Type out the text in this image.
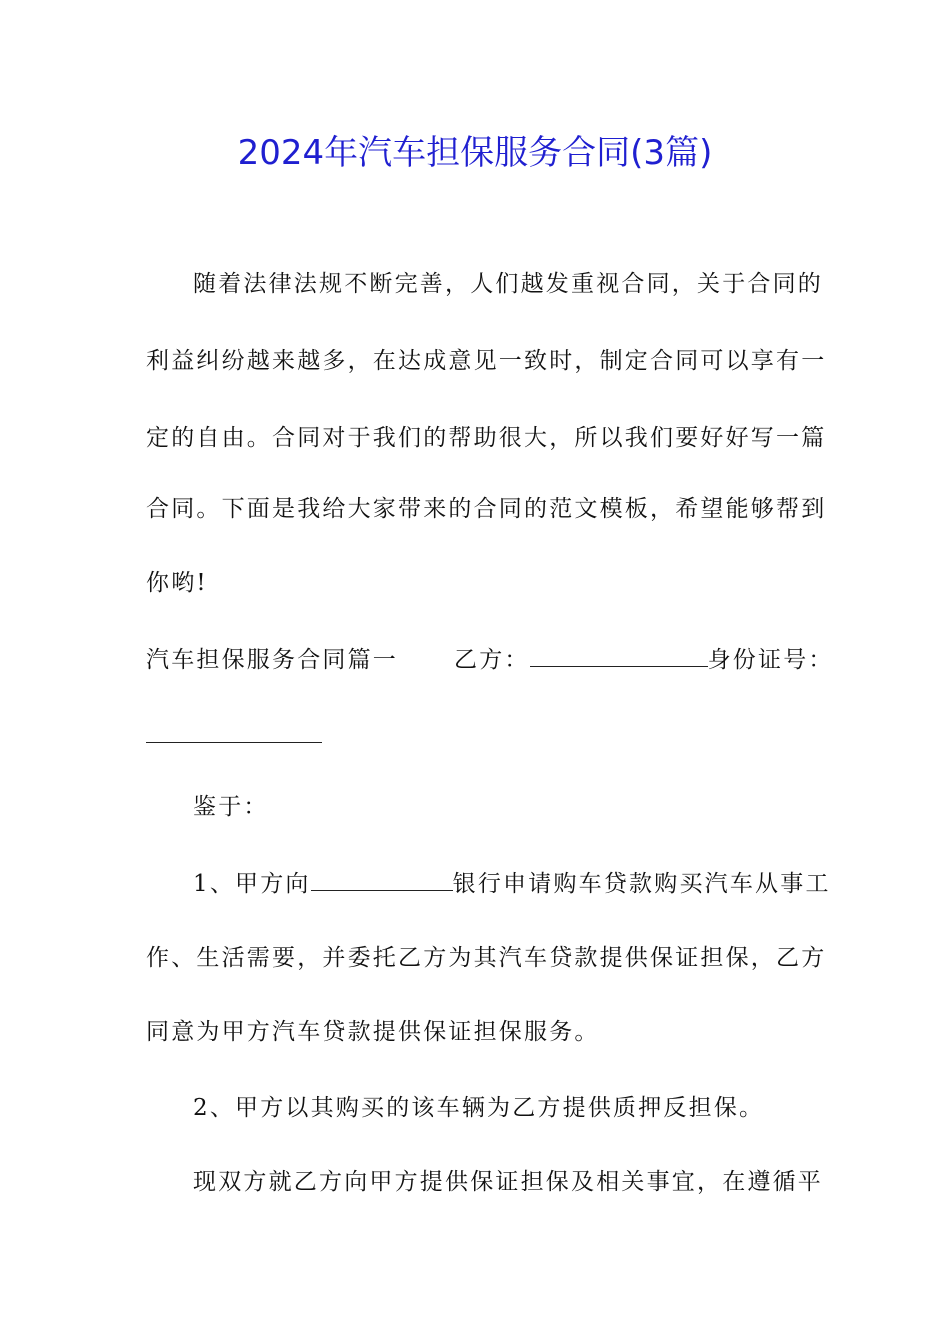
2024年汽车担保服务合同(3篇)
随着法律法规不断完善，人们越发重视合同，关于合同的
利益纠纷越来越多，在达成意见一致时，制定合同可以享有一
定的自由。合同对于我们的帮助很大，所以我们要好好写一篇
合同。下面是我给大家带来的合同的范文模板，希望能够帮到
你哟!
汽车担保服务合同篇一 乙方：	身份证号：
鉴于：
1、甲方向	银行申请购车贷款购买汽车从事工
作、生活需要，并委托乙方为其汽车贷款提供保证担保，乙方
同意为甲方汽车贷款提供保证担保服务。
2、甲方以其购买的该车辆为乙方提供质押反担保。
现双方就乙方向甲方提供保证担保及相关事宜，在遵循平
